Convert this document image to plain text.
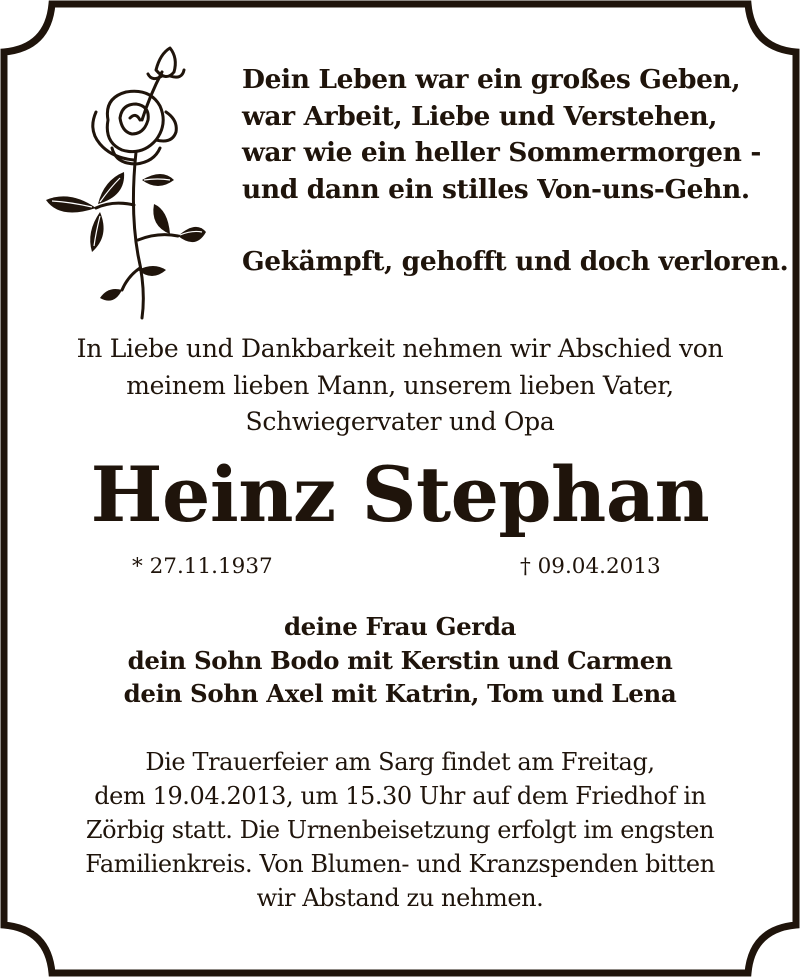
Dein Leben war ein großes Geben,
war Arbeit, Liebe und Verstehen,
war wie ein heller Sommermorgen -
und dann ein stilles Von-uns-Gehn.
Gekämpft, gehofft und doch verloren.
In Liebe und Dankbarkeit nehmen wir Abschied von
meinem lieben Mann, unserem lieben Vater,
Schwiegervater und Opa
Heinz Stephan
* 27.11.1937	† 09.04.2013
deine Frau Gerda
dein Sohn Bodo mit Kerstin und Carmen
dein Sohn Axel mit Katrin, Tom und Lena
Die Trauerfeier am Sarg findet am Freitag,
dem 19.04.2013, um 15.30 Uhr auf dem Friedhof in
Zörbig statt. Die Urnenbeisetzung erfolgt im engsten
Familienkreis. Von Blumen- und Kranzspenden bitten
wir Abstand zu nehmen.
